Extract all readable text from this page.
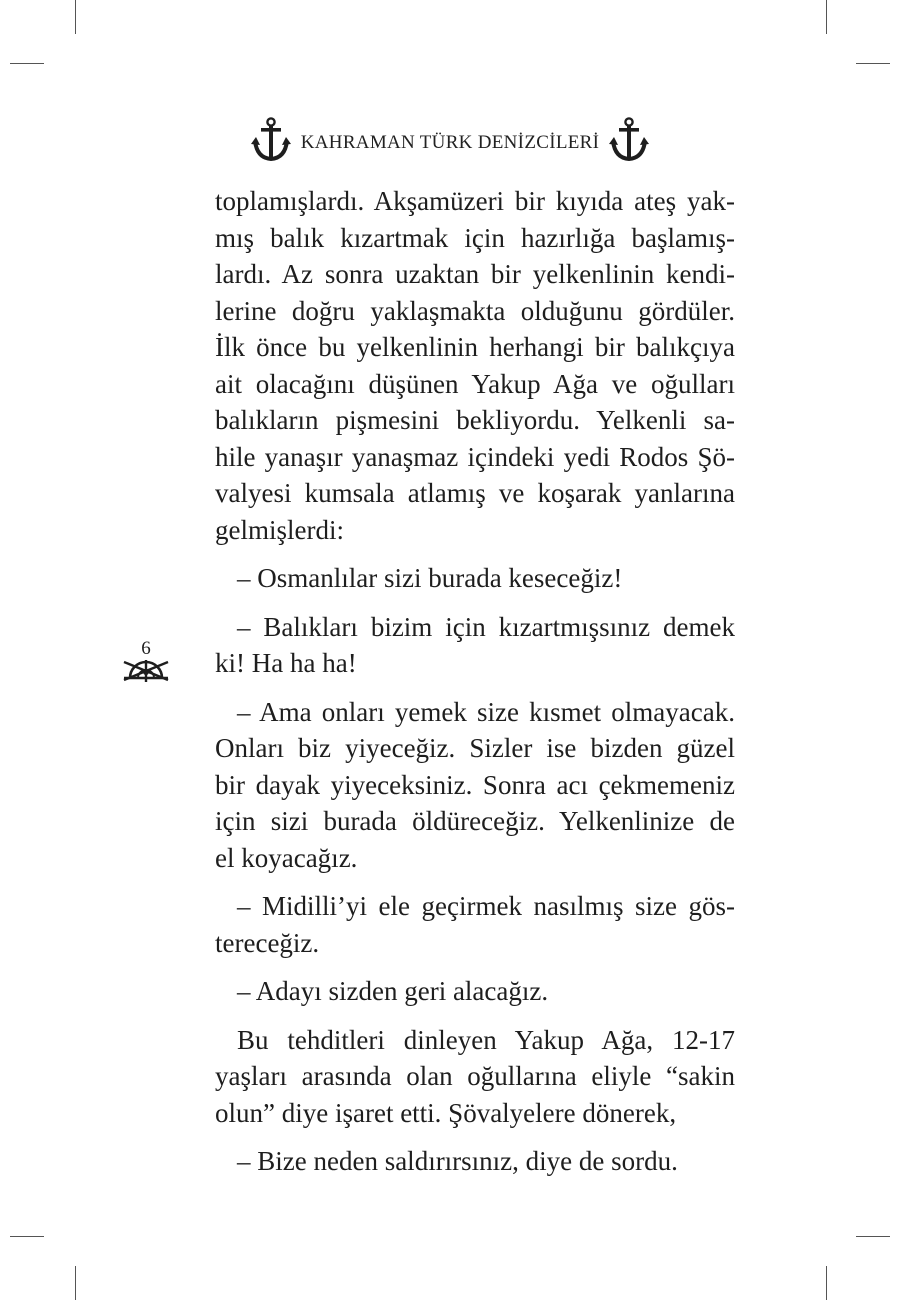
KAHRAMAN TÜRK DENİZCİLERİ
6

toplamışlardı. Akşamüzeri bir kıyıda ateş yak-

mış balık kızartmak için hazırlığa başlamış-

lardı. Az sonra uzaktan bir yelkenlinin kendi-

lerine doğru yaklaşmakta olduğunu gördüler.

İlk önce bu yelkenlinin herhangi bir balıkçıya

ait olacağını düşünen Yakup Ağa ve oğulları

balıkların pişmesini bekliyordu. Yelkenli sa-

hile yanaşır yanaşmaz içindeki yedi Rodos Şö-

valyesi kumsala atlamış ve koşarak yanlarına

gelmişlerdi:

– Osmanlılar sizi burada keseceğiz!

– Balıkları bizim için kızartmışsınız demek

ki! Ha ha ha!

– Ama onları yemek size kısmet olmayacak.

Onları biz yiyeceğiz. Sizler ise bizden güzel

bir dayak yiyeceksiniz. Sonra acı çekmemeniz

için sizi burada öldüreceğiz. Yelkenlinize de

el koyacağız.

– Midilli’yi ele geçirmek nasılmış size gös-

tereceğiz.

– Adayı sizden geri alacağız.

Bu tehditleri dinleyen Yakup Ağa, 12-17

yaşları arasında olan oğullarına eliyle “sakin

olun” diye işaret etti. Şövalyelere dönerek,

– Bize neden saldırırsınız, diye de sordu.
